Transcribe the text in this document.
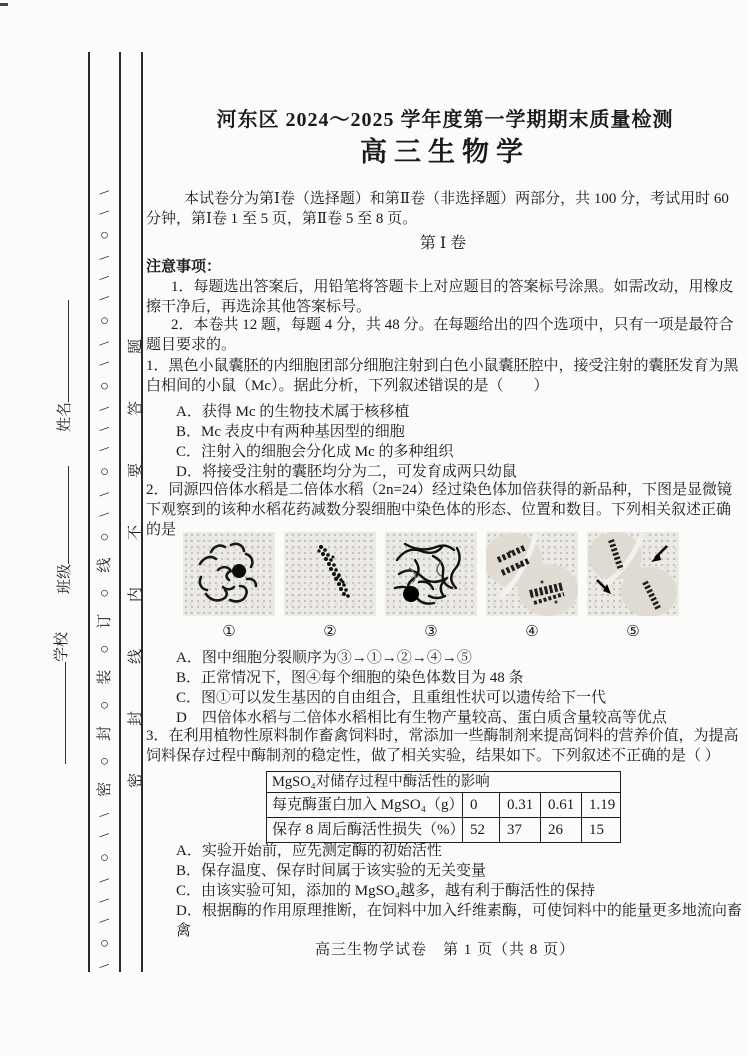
\○\\\○\\密○封○装○订○线○\\○\\\○\\○\\\○\\ 密封线内不要答题
姓名
班级
学校
河东区 2024～2025 学年度第一学期期末质量检测
高三生物学
本试卷分为第Ⅰ卷（选择题）和第Ⅱ卷（非选择题）两部分，共 100 分，考试用时 60 分钟，第Ⅰ卷 1 至 5 页，第Ⅱ卷 5 至 8 页。
第Ⅰ卷
注意事项：
1．每题选出答案后，用铅笔将答题卡上对应题目的答案标号涂黑。如需改动，用橡皮擦干净后，再选涂其他答案标号。
2．本卷共 12 题，每题 4 分，共 48 分。在每题给出的四个选项中，只有一项是最符合题目要求的。
1．黑色小鼠囊胚的内细胞团部分细胞注射到白色小鼠囊胚腔中，接受注射的囊胚发育为黑白相间的小鼠（Mc）。据此分析，下列叙述错误的是（　　）
A．获得 Mc 的生物技术属于核移植
B．Mc 表皮中有两种基因型的细胞
C．注射入的细胞会分化成 Mc 的多种组织
D．将接受注射的囊胚均分为二，可发育成两只幼鼠
2．同源四倍体水稻是二倍体水稻（2n=24）经过染色体加倍获得的新品种，下图是显微镜下观察到的该种水稻花药减数分裂细胞中染色体的形态、位置和数目。下列相关叙述正确的是
①	②	③	④	⑤
A．图中细胞分裂顺序为③→①→②→④→⑤
B．正常情况下，图④每个细胞的染色体数目为 48 条
C．图①可以发生基因的自由组合，且重组性状可以遗传给下一代
D　四倍体水稻与二倍体水稻相比有生物产量较高、蛋白质含量较高等优点
3．在利用植物性原料制作畜禽饲料时，常添加一些酶制剂来提高饲料的营养价值，为提高饲料保存过程中酶制剂的稳定性，做了相关实验，结果如下。下列叙述不正确的是（ ）
MgSO₄对储存过程中酶活性的影响				
每克酶蛋白加入 MgSO₄（g）	0	0.31	0.61	1.19
保存 8 周后酶活性损失（%）	52	37	26	15
A．实验开始前，应先测定酶的初始活性
B．保存温度、保存时间属于该实验的无关变量
C．由该实验可知，添加的 MgSO₄越多，越有利于酶活性的保持
D．根据酶的作用原理推断，在饲料中加入纤维素酶，可使饲料中的能量更多地流向畜禽
高三生物学试卷　第 1 页（共 8 页）
